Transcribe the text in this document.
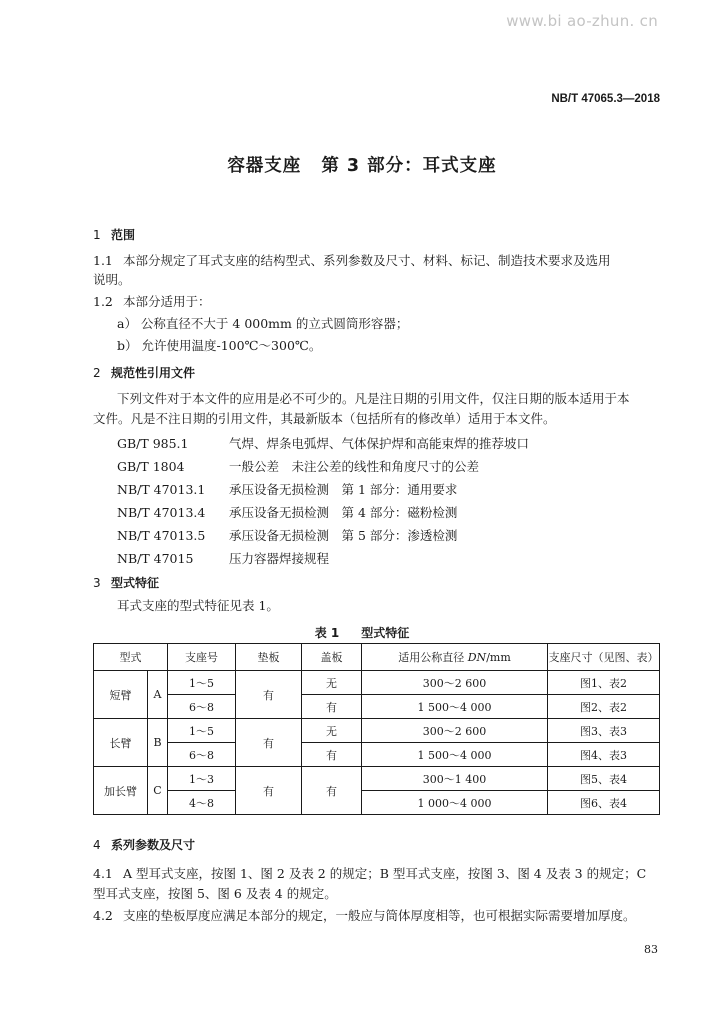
www.bi ao-zhun. cn
NB/T 47065.3—2018
容器支座 第 3 部分：耳式支座
1 范围
1.1 本部分规定了耳式支座的结构型式、系列参数及尺寸、材料、标记、制造技术要求及选用
说明。
1.2 本部分适用于：
a） 公称直径不大于 4 000mm 的立式圆筒形容器；
b） 允许使用温度-100℃～300℃。
2 规范性引用文件
下列文件对于本文件的应用是必不可少的。凡是注日期的引用文件，仅注日期的版本适用于本
文件。凡是不注日期的引用文件，其最新版本（包括所有的修改单）适用于本文件。
GB/T 985.1	气焊、焊条电弧焊、气体保护焊和高能束焊的推荐坡口
GB/T 1804	一般公差　未注公差的线性和角度尺寸的公差
NB/T 47013.1 承压设备无损检测　第 1 部分：通用要求
NB/T 47013.4 承压设备无损检测　第 4 部分：磁粉检测
NB/T 47013.5 承压设备无损检测　第 5 部分：渗透检测
NB/T 47015	压力容器焊接规程
3 型式特征
耳式支座的型式特征见表 1。
表 1 型式特征
型式		支座号	垫板	盖板	适用公称直径 DN/mm	支座尺寸（见图、表）
短臂	A	1～5	有	无	300～2 600	图1、表2
		6～8		有	1 500～4 000	图2、表2
长臂	B	1～5	有	无	300～2 600	图3、表3
		6～8		有	1 500～4 000	图4、表3
加长臂	C	1～3	有	有	300～1 400	图5、表4
		4～8			1 000～4 000	图6、表4
4 系列参数及尺寸
4.1 A 型耳式支座，按图 1、图 2 及表 2 的规定；B 型耳式支座，按图 3、图 4 及表 3 的规定；C
型耳式支座，按图 5、图 6 及表 4 的规定。
4.2 支座的垫板厚度应满足本部分的规定，一般应与筒体厚度相等，也可根据实际需要增加厚度。
83
